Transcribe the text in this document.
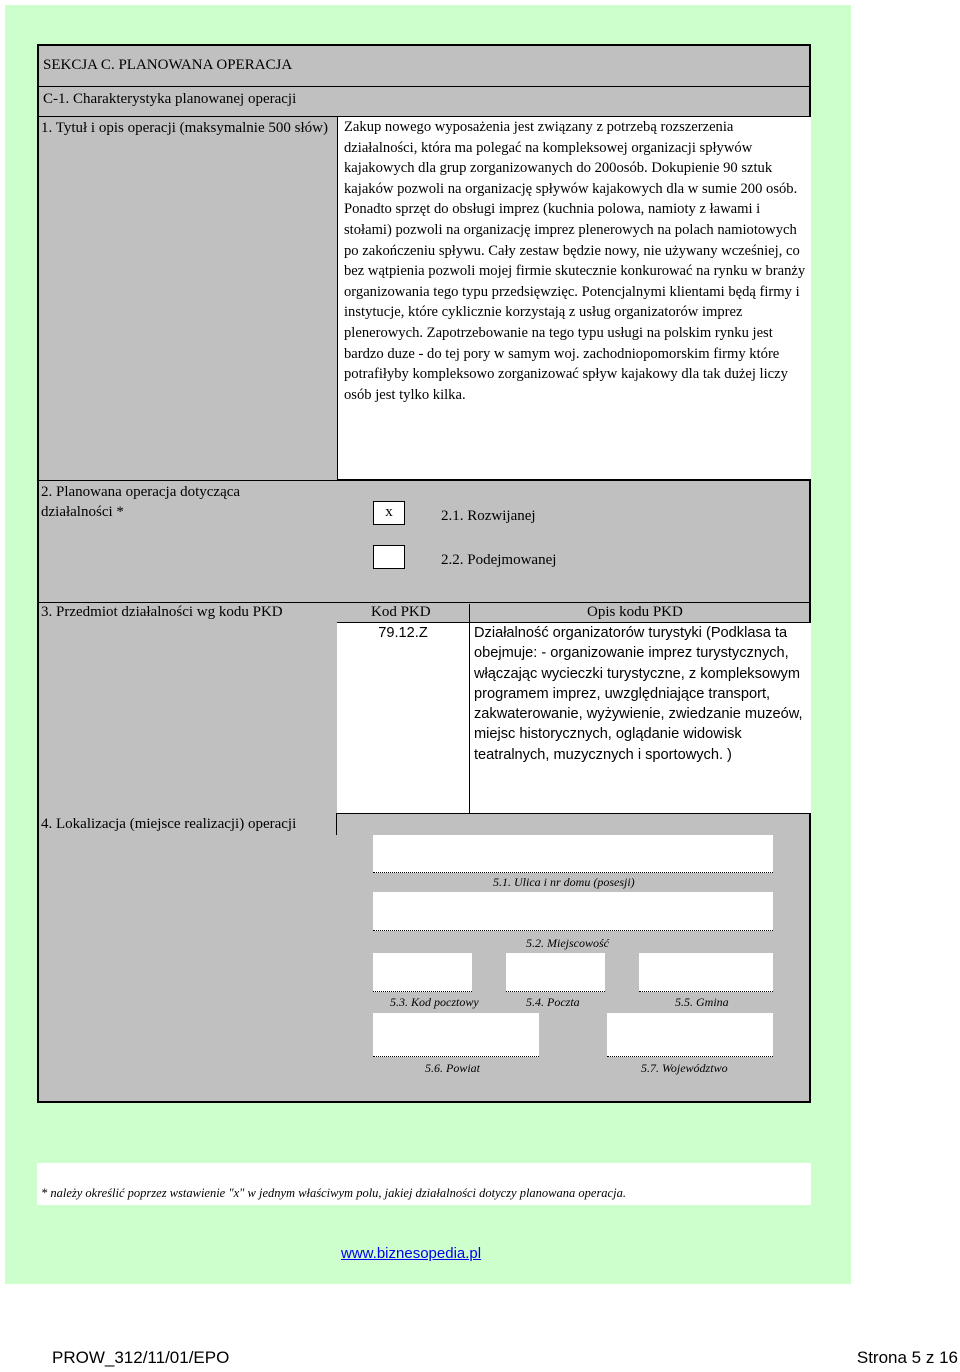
SEKCJA C. PLANOWANA OPERACJA
C-1. Charakterystyka planowanej operacji
1. Tytuł i opis operacji (maksymalnie 500 słów)	Zakup nowego wyposażenia jest związany z potrzebą rozszerzenia działalności, która ma polegać na kompleksowej organizacji spływów kajakowych dla grup zorganizowanych do 200osób. Dokupienie 90 sztuk kajaków pozwoli na organizację spływów kajakowych dla w sumie 200 osób. Ponadto sprzęt do obsługi imprez (kuchnia polowa, namioty z ławami i stołami) pozwoli na organizację imprez plenerowych na polach namiotowych po zakończeniu spływu. Cały zestaw będzie nowy, nie używany wcześniej, co bez wątpienia pozwoli mojej firmie skutecznie konkurować na rynku w branży organizowania tego typu przedsięwzięc. Potencjalnymi klientami będą firmy i instytucje, które cyklicznie korzystają z usług organizatorów imprez plenerowych. Zapotrzebowanie na tego typu usługi na polskim rynku jest bardzo duze - do tej pory w samym woj. zachodniopomorskim firmy które potrafiłyby kompleksowo zorganizować spływ kajakowy dla tak dużej liczy osób jest tylko kilka.
2. Planowana operacja dotycząca działalności *	x	2.1. Rozwijanej
2.2. Podejmowanej
3. Przedmiot działalności wg kodu PKD	Kod PKD	Opis kodu PKD
79.12.Z	Działalność organizatorów turystyki (Podklasa ta obejmuje: - organizowanie imprez turystycznych, włączając wycieczki turystyczne, z kompleksowym programem imprez, uwzględniające transport, zakwaterowanie, wyżywienie, zwiedzanie muzeów, miejsc historycznych, oglądanie widowisk teatralnych, muzycznych i sportowych. )
4. Lokalizacja (miejsce realizacji) operacji
5.1. Ulica i nr domu (posesji)
5.2. Miejscowość
5.3. Kod pocztowy	5.4. Poczta	5.5. Gmina
5.6. Powiat	5.7. Województwo
* należy określić poprzez wstawienie "x" w jednym właściwym polu, jakiej działalności dotyczy planowana operacja.
www.biznesopedia.pl
PROW_312/11/01/EPO	Strona 5 z 16
